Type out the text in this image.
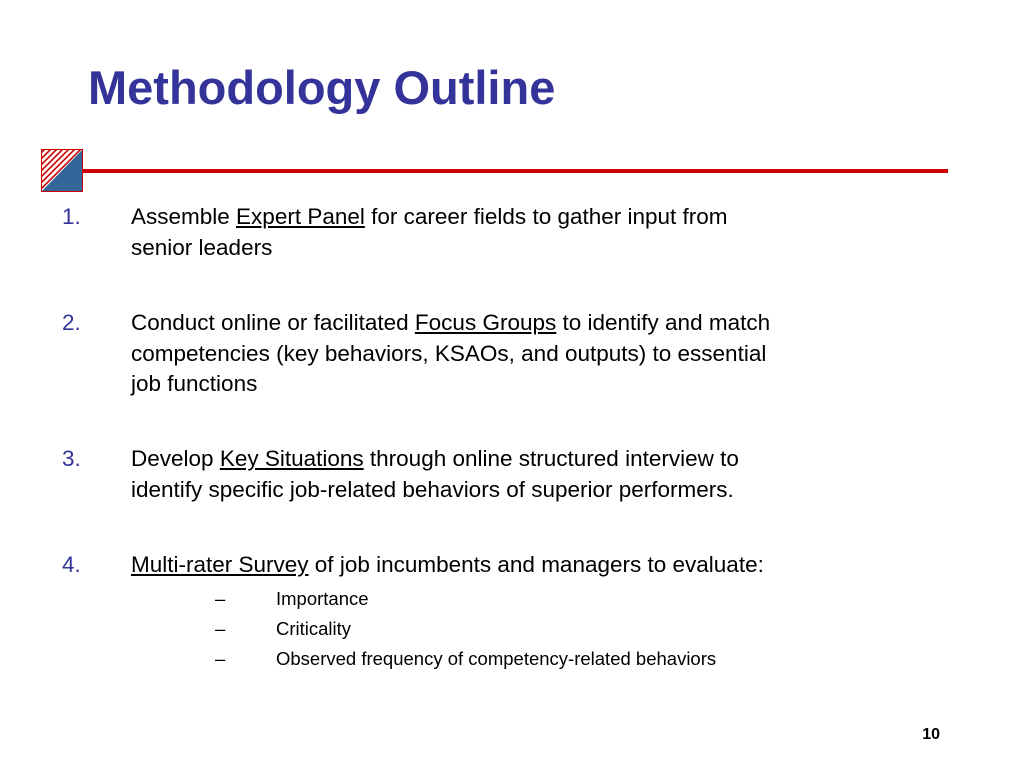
Methodology Outline
1. Assemble Expert Panel for career fields to gather input from
senior leaders
2. Conduct online or facilitated Focus Groups to identify and match
competencies (key behaviors, KSAOs, and outputs) to essential
job functions
3. Develop Key Situations through online structured interview to
identify specific job-related behaviors of superior performers.
4. Multi-rater Survey of job incumbents and managers to evaluate:
–	Importance
–	Criticality
–	Observed frequency of competency-related behaviors
10
